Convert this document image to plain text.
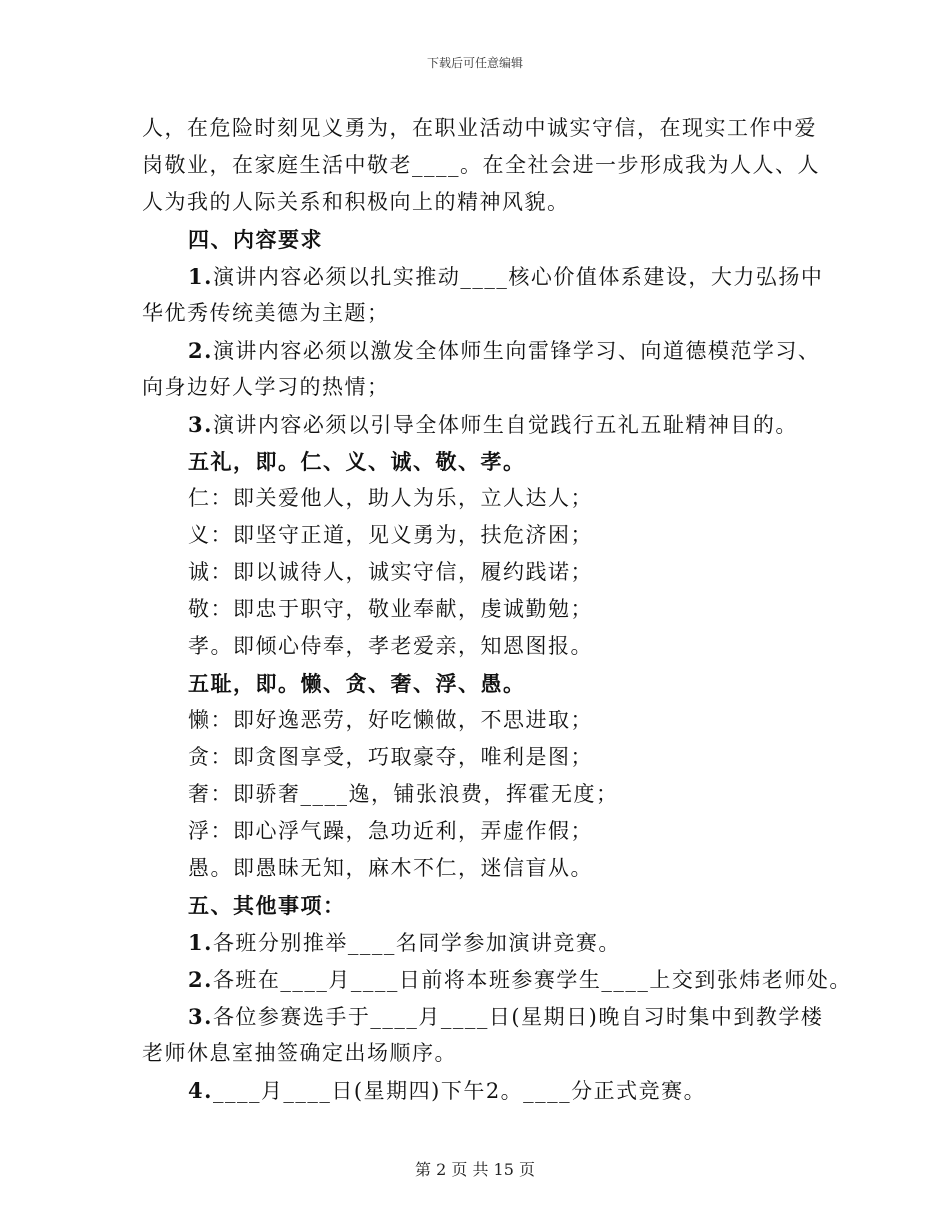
下载后可任意编辑
人，在危险时刻见义勇为，在职业活动中诚实守信，在现实工作中爱
岗敬业，在家庭生活中敬老____。在全社会进一步形成我为人人、人
人为我的人际关系和积极向上的精神风貌。
四、内容要求
1.演讲内容必须以扎实推动____核心价值体系建设，大力弘扬中
华优秀传统美德为主题；
2.演讲内容必须以激发全体师生向雷锋学习、向道德模范学习、
向身边好人学习的热情；
3.演讲内容必须以引导全体师生自觉践行五礼五耻精神目的。
五礼，即。仁、义、诚、敬、孝。
仁：即关爱他人，助人为乐，立人达人；
义：即坚守正道，见义勇为，扶危济困；
诚：即以诚待人，诚实守信，履约践诺；
敬：即忠于职守，敬业奉献，虔诚勤勉；
孝。即倾心侍奉，孝老爱亲，知恩图报。
五耻，即。懒、贪、奢、浮、愚。
懒：即好逸恶劳，好吃懒做，不思进取；
贪：即贪图享受，巧取豪夺，唯利是图；
奢：即骄奢____逸，铺张浪费，挥霍无度；
浮：即心浮气躁，急功近利，弄虚作假；
愚。即愚昧无知，麻木不仁，迷信盲从。
五、其他事项：
1.各班分别推举____名同学参加演讲竞赛。
2.各班在____月____日前将本班参赛学生____上交到张炜老师处。
3.各位参赛选手于____月____日(星期日)晚自习时集中到教学楼
老师休息室抽签确定出场顺序。
4.____月____日(星期四)下午2。____分正式竞赛。
第 2 页 共 15 页
